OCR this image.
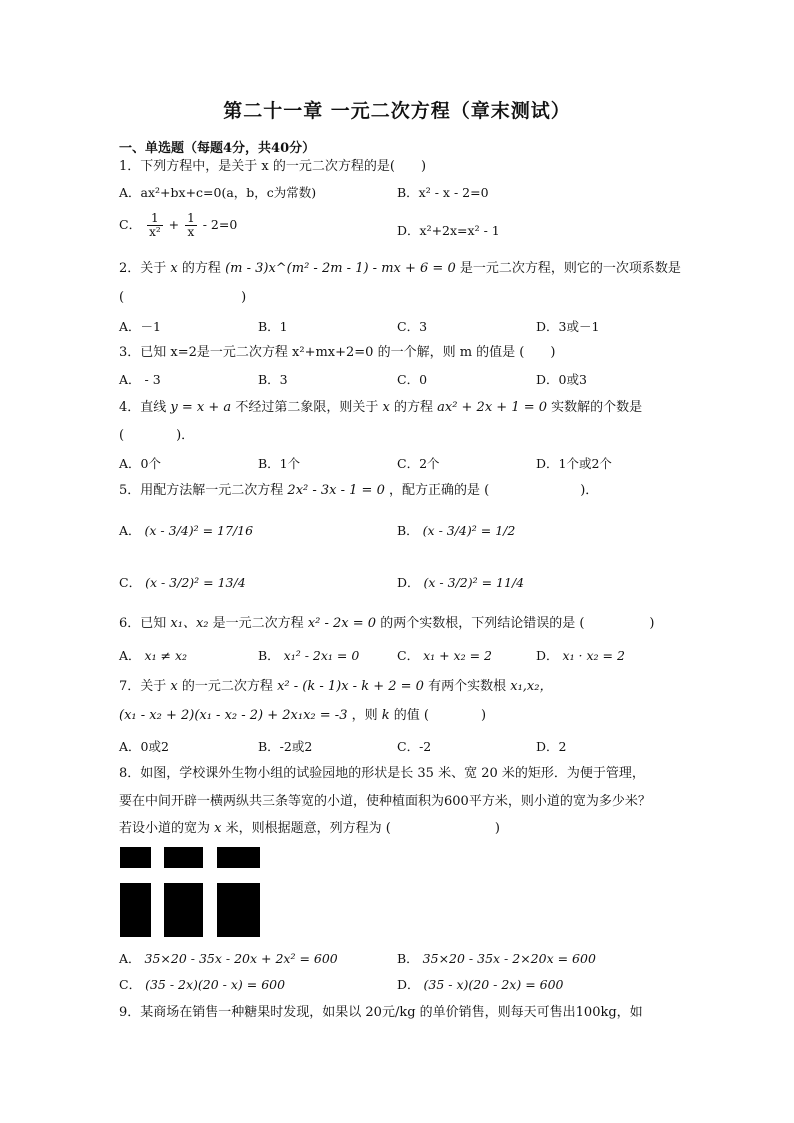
第二十一章 一元二次方程（章末测试）
一、单选题（每题4分，共40分）
1．下列方程中，是关于 x 的一元二次方程的是(　　)
A．ax²+bx+c=0(a，b，c为常数)	B．x² - x - 2=0
C． $\frac{1}{\text{x²}} + \frac{1}{x} - 2=0$	D．x²+2x=x² - 1
2．关于 x 的方程 (m - 3)x^(m² - 2m - 1) - mx + 6 = 0 是一元二次方程，则它的一次项系数是
(　　　　　　　　　)
A．－1	B．1	C．3	D．3或－1
3．已知 x=2是一元二次方程 x²+mx+2=0 的一个解，则 m 的值是 (　　)
A． - 3	B．3	C．0	D．0或3
4．直线 y = x + a 不经过第二象限，则关于 x 的方程 ax² + 2x + 1 = 0 实数解的个数是
(　　　　)．
A．0个	B．1个	C．2个	D．1个或2个
5．用配方法解一元二次方程 2x² - 3x - 1 = 0 ，配方正确的是 (　　　　　　　)．
A． (x - 3/4)² = 17/16	B． (x - 3/4)² = 1/2
C． (x - 3/2)² = 13/4	D． (x - 3/2)² = 11/4
6．已知 x₁、x₂ 是一元二次方程 x² - 2x = 0 的两个实数根，下列结论错误的是 (　　　　　)
A． x₁ ≠ x₂	B． x₁² - 2x₁ = 0	C． x₁ + x₂ = 2	D． x₁ · x₂ = 2
7．关于 x 的一元二次方程 x² - (k - 1)x - k + 2 = 0 有两个实数根 x₁,x₂，
(x₁ - x₂ + 2)(x₁ - x₂ - 2) + 2x₁x₂ = -3 ，则 k 的值 (　　　　)
A．0或2	B．-2或2	C．-2	D．2
8．如图，学校课外生物小组的试验园地的形状是长 35 米、宽 20 米的矩形．为便于管理，
要在中间开辟一横两纵共三条等宽的小道，使种植面积为600平方米，则小道的宽为多少米？
若设小道的宽为 x 米，则根据题意，列方程为 (　　　　　　　　)
A． 35×20 - 35x - 20x + 2x² = 600	B． 35×20 - 35x - 2×20x = 600
C． (35 - 2x)(20 - x) = 600	D． (35 - x)(20 - 2x) = 600
9．某商场在销售一种糖果时发现，如果以 20元/kg 的单价销售，则每天可售出100kg，如
